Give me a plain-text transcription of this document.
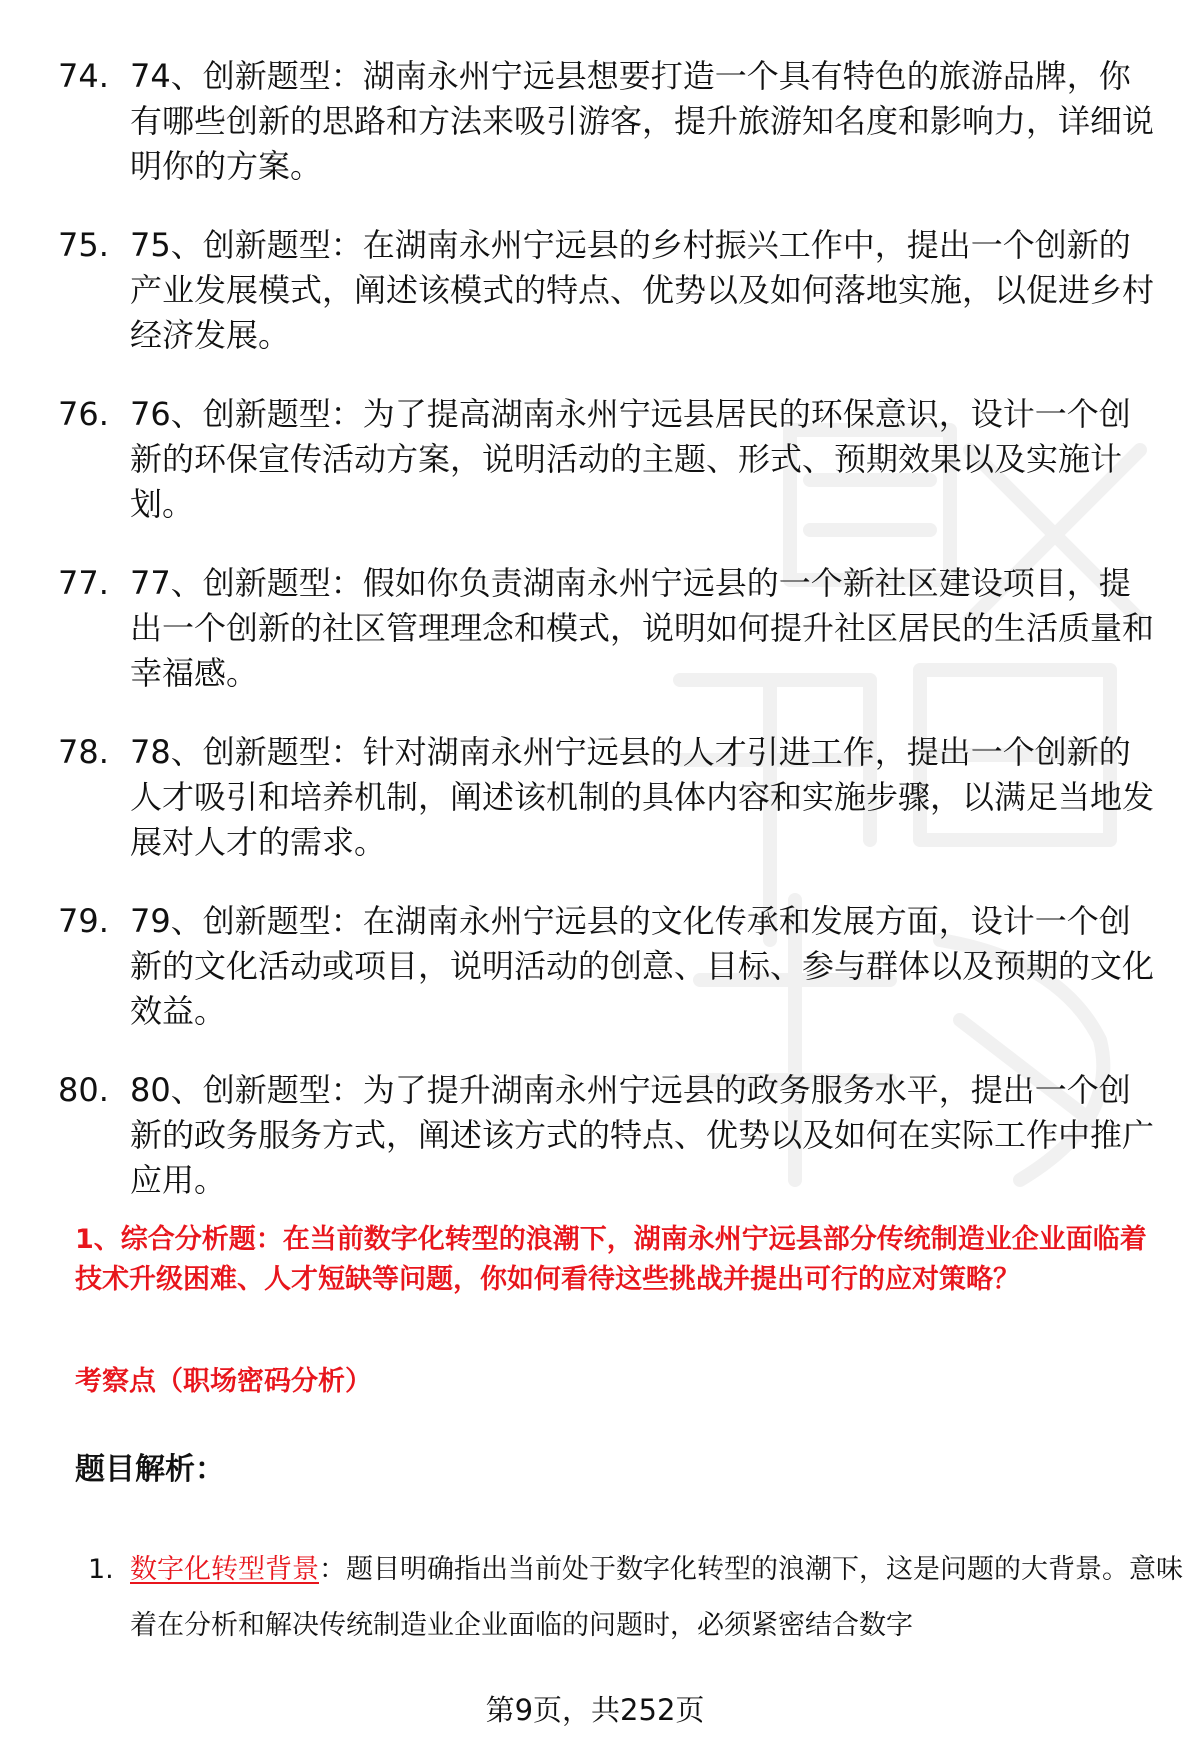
74. 74、创新题型：湖南永州宁远县想要打造一个具有特色的旅游品牌，你有哪些创新的思路和方法来吸引游客，提升旅游知名度和影响力，详细说明你的方案。
75. 75、创新题型：在湖南永州宁远县的乡村振兴工作中，提出一个创新的产业发展模式，阐述该模式的特点、优势以及如何落地实施，以促进乡村经济发展。
76. 76、创新题型：为了提高湖南永州宁远县居民的环保意识，设计一个创新的环保宣传活动方案，说明活动的主题、形式、预期效果以及实施计划。
77. 77、创新题型：假如你负责湖南永州宁远县的一个新社区建设项目，提出一个创新的社区管理理念和模式，说明如何提升社区居民的生活质量和幸福感。
78. 78、创新题型：针对湖南永州宁远县的人才引进工作，提出一个创新的人才吸引和培养机制，阐述该机制的具体内容和实施步骤，以满足当地发展对人才的需求。
79. 79、创新题型：在湖南永州宁远县的文化传承和发展方面，设计一个创新的文化活动或项目，说明活动的创意、目标、参与群体以及预期的文化效益。
80. 80、创新题型：为了提升湖南永州宁远县的政务服务水平，提出一个创新的政务服务方式，阐述该方式的特点、优势以及如何在实际工作中推广应用。
1、综合分析题：在当前数字化转型的浪潮下，湖南永州宁远县部分传统制造业企业面临着技术升级困难、人才短缺等问题，你如何看待这些挑战并提出可行的应对策略？
考察点（职场密码分析）
题目解析：
1. 数字化转型背景：题目明确指出当前处于数字化转型的浪潮下，这是问题的大背景。意味着在分析和解决传统制造业企业面临的问题时，必须紧密结合数字
第9页，共252页
